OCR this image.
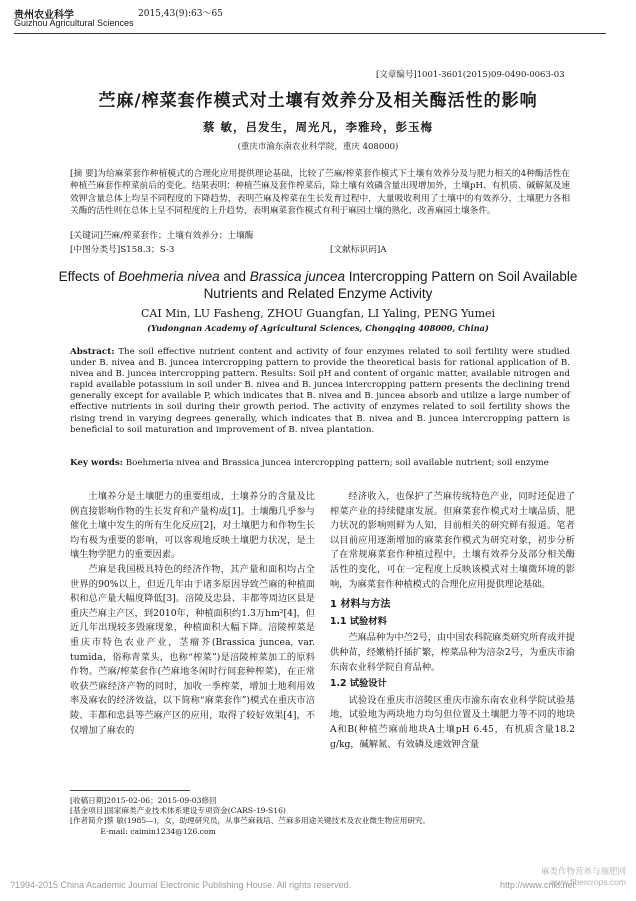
贵州农业科学	2015,43(9):63～65
Guizhou Agricultural Sciences
[文章编号]1001-3601(2015)09-0490-0063-03
苎麻/榨菜套作模式对土壤有效养分及相关酶活性的影响
蔡 敏，吕发生，周光凡，李雅玲，彭玉梅
(重庆市渝东南农业科学院，重庆 408000)
[摘 要]为给麻菜套作种植模式的合理化应用提供理论基础，比较了苎麻/榨菜套作模式下土壤有效养分及与肥力相关的4种酶活性在种植苎麻套作榨菜前后的变化。结果表明：种植苎麻及套作榨菜后，除土壤有效磷含量出现增加外，土壤pH、有机质、碱解氮及速效钾含量总体上均呈不同程度的下降趋势，表明苎麻及榨菜在生长发育过程中，大量吸收利用了土壤中的有效养分，土壤肥力各相关酶的活性则在总体上呈不同程度的上升趋势，表明麻菜套作模式有利于麻园土壤的熟化，改善麻园土壤条件。
[关键词]苎麻/榨菜套作；土壤有效养分；土壤酶
[中图分类号]S158.3；S-3	[文献标识码]A
Effects of Boehmeria nivea and Brassica juncea Intercropping Pattern on Soil Available Nutrients and Related Enzyme Activity
CAI Min, LU Fasheng, ZHOU Guangfan, LI Yaling, PENG Yumei
(Yudongnan Academy of Agricultural Sciences, Chongqing 408000, China)
Abstract: The soil effective nutrient content and activity of four enzymes related to soil fertility were studied under B. nivea and B. juncea intercropping pattern to provide the theoretical basis for rational application of B. nivea and B. juncea intercropping pattern. Results: Soil pH and content of organic matter, available nitrogen and rapid available potassium in soil under B. nivea and B. juncea intercropping pattern presents the declining trend generally except for available P, which indicates that B. nivea and B. juncea absorb and utilize a large number of effective nutrients in soil during their growth period. The activity of enzymes related to soil fertility shows the rising trend in varying degrees generally, which indicates that B. nivea and B. juncea intercropping pattern is beneficial to soil maturation and improvement of B. nivea plantation.
Key words: Boehmeria nivea and Brassica juncea intercropping pattern; soil available nutrient; soil enzyme

土壤养分是土壤肥力的重要组成，土壤养分的含量及比例直接影响作物的生长发育和产量构成[1]。土壤酶几乎参与催化土壤中发生的所有生化反应[2]，对土壤肥力和作物生长均有极为重要的影响，可以客观地反映土壤肥力状况，是土壤生物学肥力的重要因素。

苎麻是我国极具特色的经济作物，其产量和面积均占全世界的90%以上，但近几年由于诸多原因导致苎麻的种植面积和总产量大幅度降低[3]。涪陵及忠县、丰都等周边区县是重庆苎麻主产区，到2010年，种植面积约1.3万hm²[4]，但近几年出现较多毁麻现象，种植面积大幅下降。涪陵榨菜是重庆市特色农业产业，茎瘤芥(Brassica juncea, var. tumida，俗称青菜头，也称“榨菜”)是涪陵榨菜加工的原料作物。苎麻/榨菜套作(苎麻地冬闲时行间套种榨菜)，在正常收获苎麻经济产物的同时，加收一季榨菜，增加土地利用效率及麻农的经济效益，以下简称“麻菜套作”)模式在重庆市涪陵、丰都和忠县等苎麻产区的应用，取得了较好效果[4]，不仅增加了麻农的

经济收入，也保护了苎麻传统特色产业，同时还促进了榨菜产业的持续健康发展。但麻菜套作模式对土壤品质、肥力状况的影响则鲜为人知，目前相关的研究鲜有报道。笔者以目前应用逐渐增加的麻菜套作模式为研究对象，初步分析了在常规麻菜套作种植过程中，土壤有效养分及部分相关酶活性的变化，可在一定程度上反映该模式对土壤微环境的影响，为麻菜套作种植模式的合理化应用提供理论基础。

1 材料与方法
1.1 试验材料

苎麻品种为中苎2号，由中国农科院麻类研究所育成并提供种苗，经嫩梢扦插扩繁，榨菜品种为涪杂2号，为重庆市渝东南农业科学院自育品种。

1.2 试验设计

试验设在重庆市涪陵区重庆市渝东南农业科学院试验基地，试验地为两块地力均匀但位置及土壤肥力等不同的地块A和B(种植苎麻前地块A土壤pH 6.45，有机质含量18.2 g/kg，碱解氮、有效磷及速效钾含量

[收稿日期]2015-02-06；2015-09-03修回
[基金项目]国家麻类产业技术体系建设专项资金(CARS-19-S16)
[作者简介]蔡 敏(1985—)，女，助理研究员，从事苎麻栽培、苎麻多用途关键技术及农业微生物应用研究。
E-mail: caimin1234@126.com
麻类作物营养与施肥网
www.fibercrops.com
?1994-2015 China Academic Journal Electronic Publishing House. All rights reserved.	http://www.cnki.net
